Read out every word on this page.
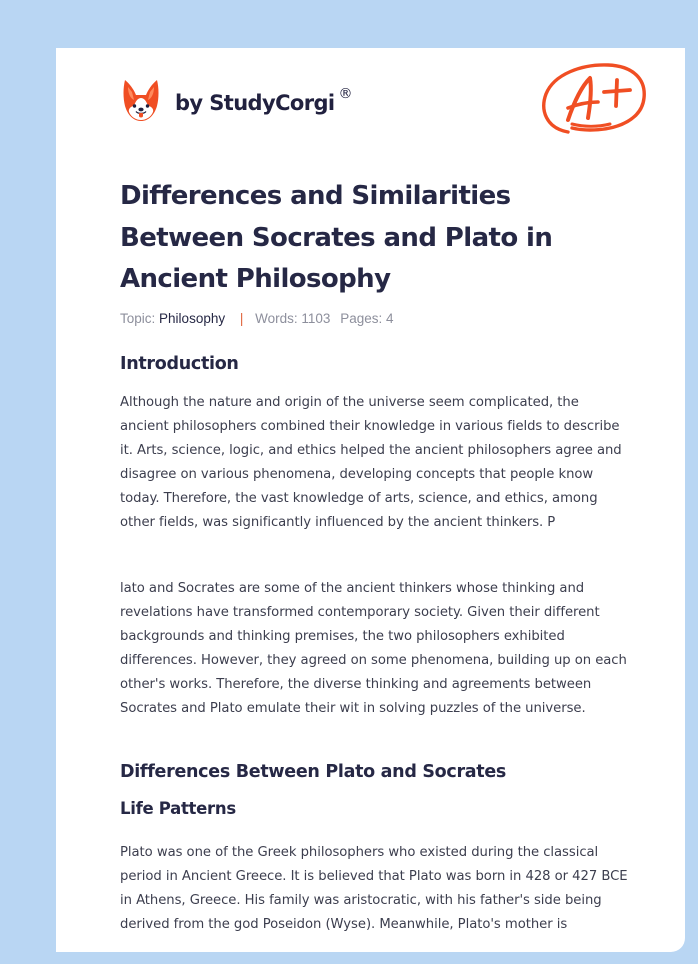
by StudyCorgi ®
Differences and Similarities Between Socrates and Plato in Ancient Philosophy
Topic: Philosophy | Words: 1103 Pages: 4
Introduction

Although the nature and origin of the universe seem complicated, the ancient philosophers combined their knowledge in various fields to describe it. Arts, science, logic, and ethics helped the ancient philosophers agree and disagree on various phenomena, developing concepts that people know today. Therefore, the vast knowledge of arts, science, and ethics, among other fields, was significantly influenced by the ancient thinkers. P

lato and Socrates are some of the ancient thinkers whose thinking and revelations have transformed contemporary society. Given their different backgrounds and thinking premises, the two philosophers exhibited differences. However, they agreed on some phenomena, building up on each other's works. Therefore, the diverse thinking and agreements between Socrates and Plato emulate their wit in solving puzzles of the universe.

Differences Between Plato and Socrates
Life Patterns

Plato was one of the Greek philosophers who existed during the classical period in Ancient Greece. It is believed that Plato was born in 428 or 427 BCE in Athens, Greece. His family was aristocratic, with his father's side being derived from the god Poseidon (Wyse). Meanwhile, Plato's mother is
